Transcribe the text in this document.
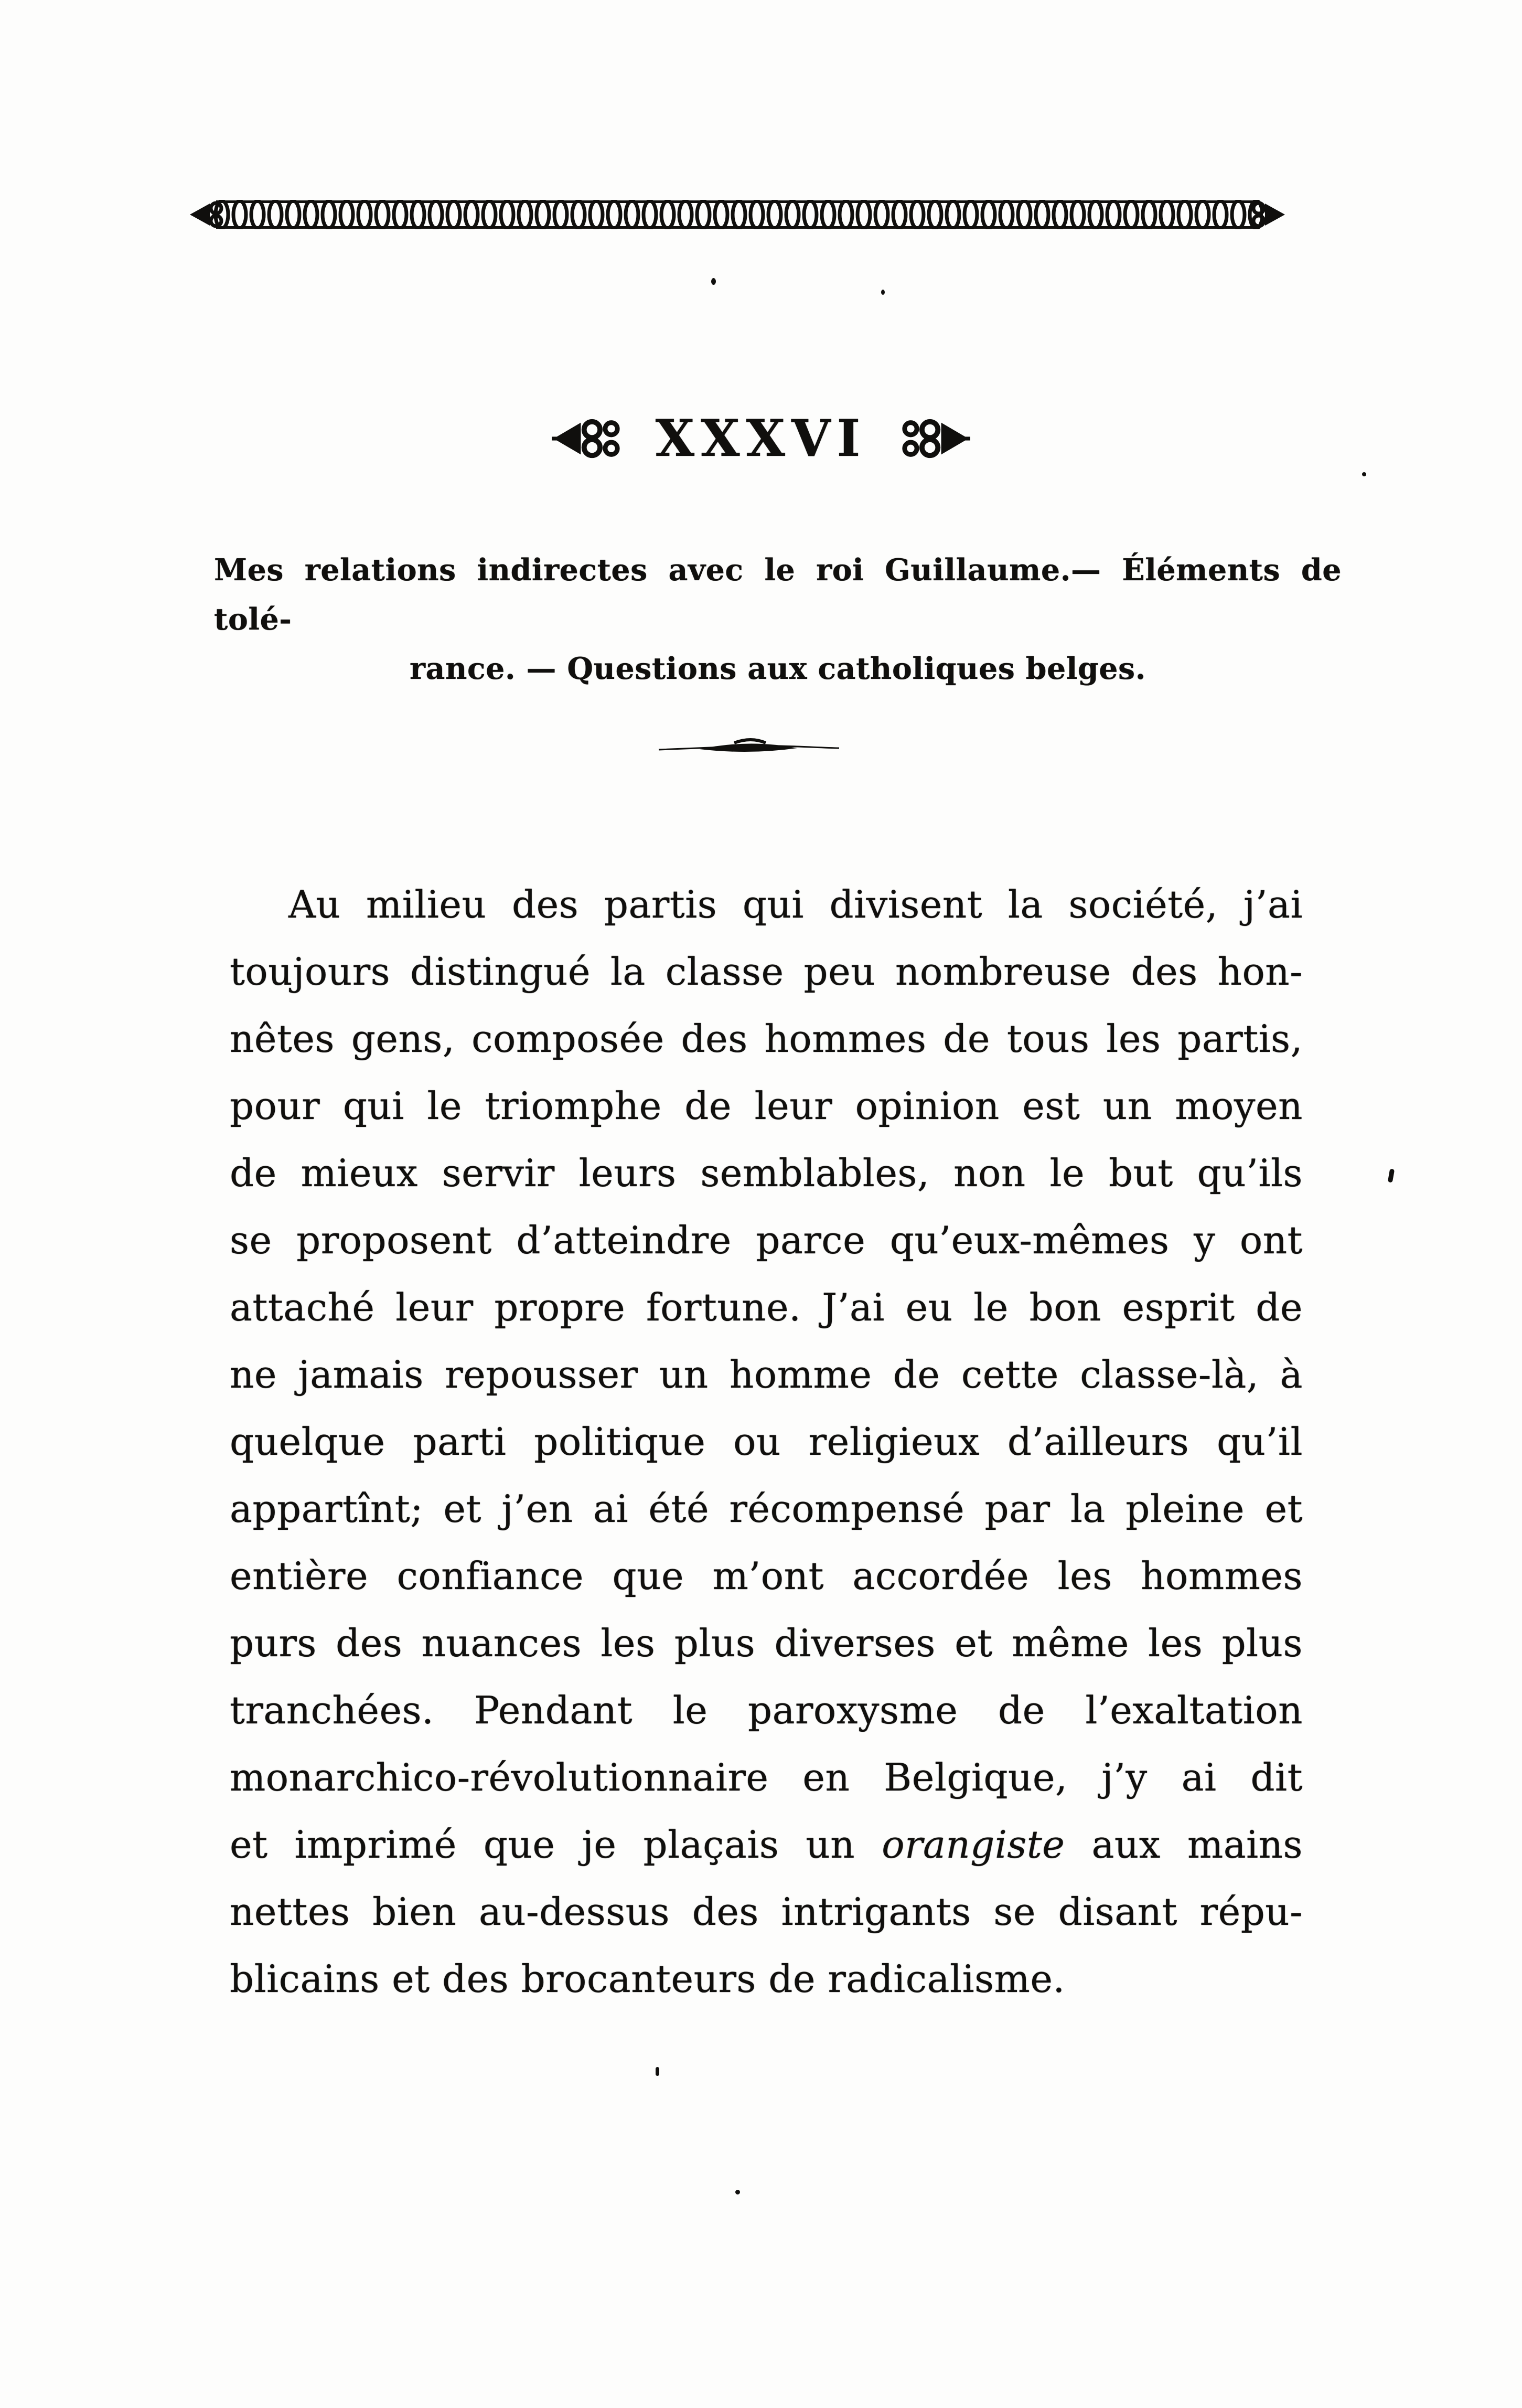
XXXVI
Mes relations indirectes avec le roi Guillaume.— Éléments de tolé-
rance. — Questions aux catholiques belges.
Au milieu des partis qui divisent la société, j’ai
toujours distingué la classe peu nombreuse des hon-
nêtes gens, composée des hommes de tous les partis,
pour qui le triomphe de leur opinion est un moyen
de mieux servir leurs semblables, non le but qu’ils
se proposent d’atteindre parce qu’eux-mêmes y ont
attaché leur propre fortune. J’ai eu le bon esprit de
ne jamais repousser un homme de cette classe-là, à
quelque parti politique ou religieux d’ailleurs qu’il
appartînt; et j’en ai été récompensé par la pleine et
entière confiance que m’ont accordée les hommes
purs des nuances les plus diverses et même les plus
tranchées. Pendant le paroxysme de l’exaltation
monarchico-révolutionnaire en Belgique, j’y ai dit
et imprimé que je plaçais un orangiste aux mains
nettes bien au-dessus des intrigants se disant répu-
blicains et des brocanteurs de radicalisme.
